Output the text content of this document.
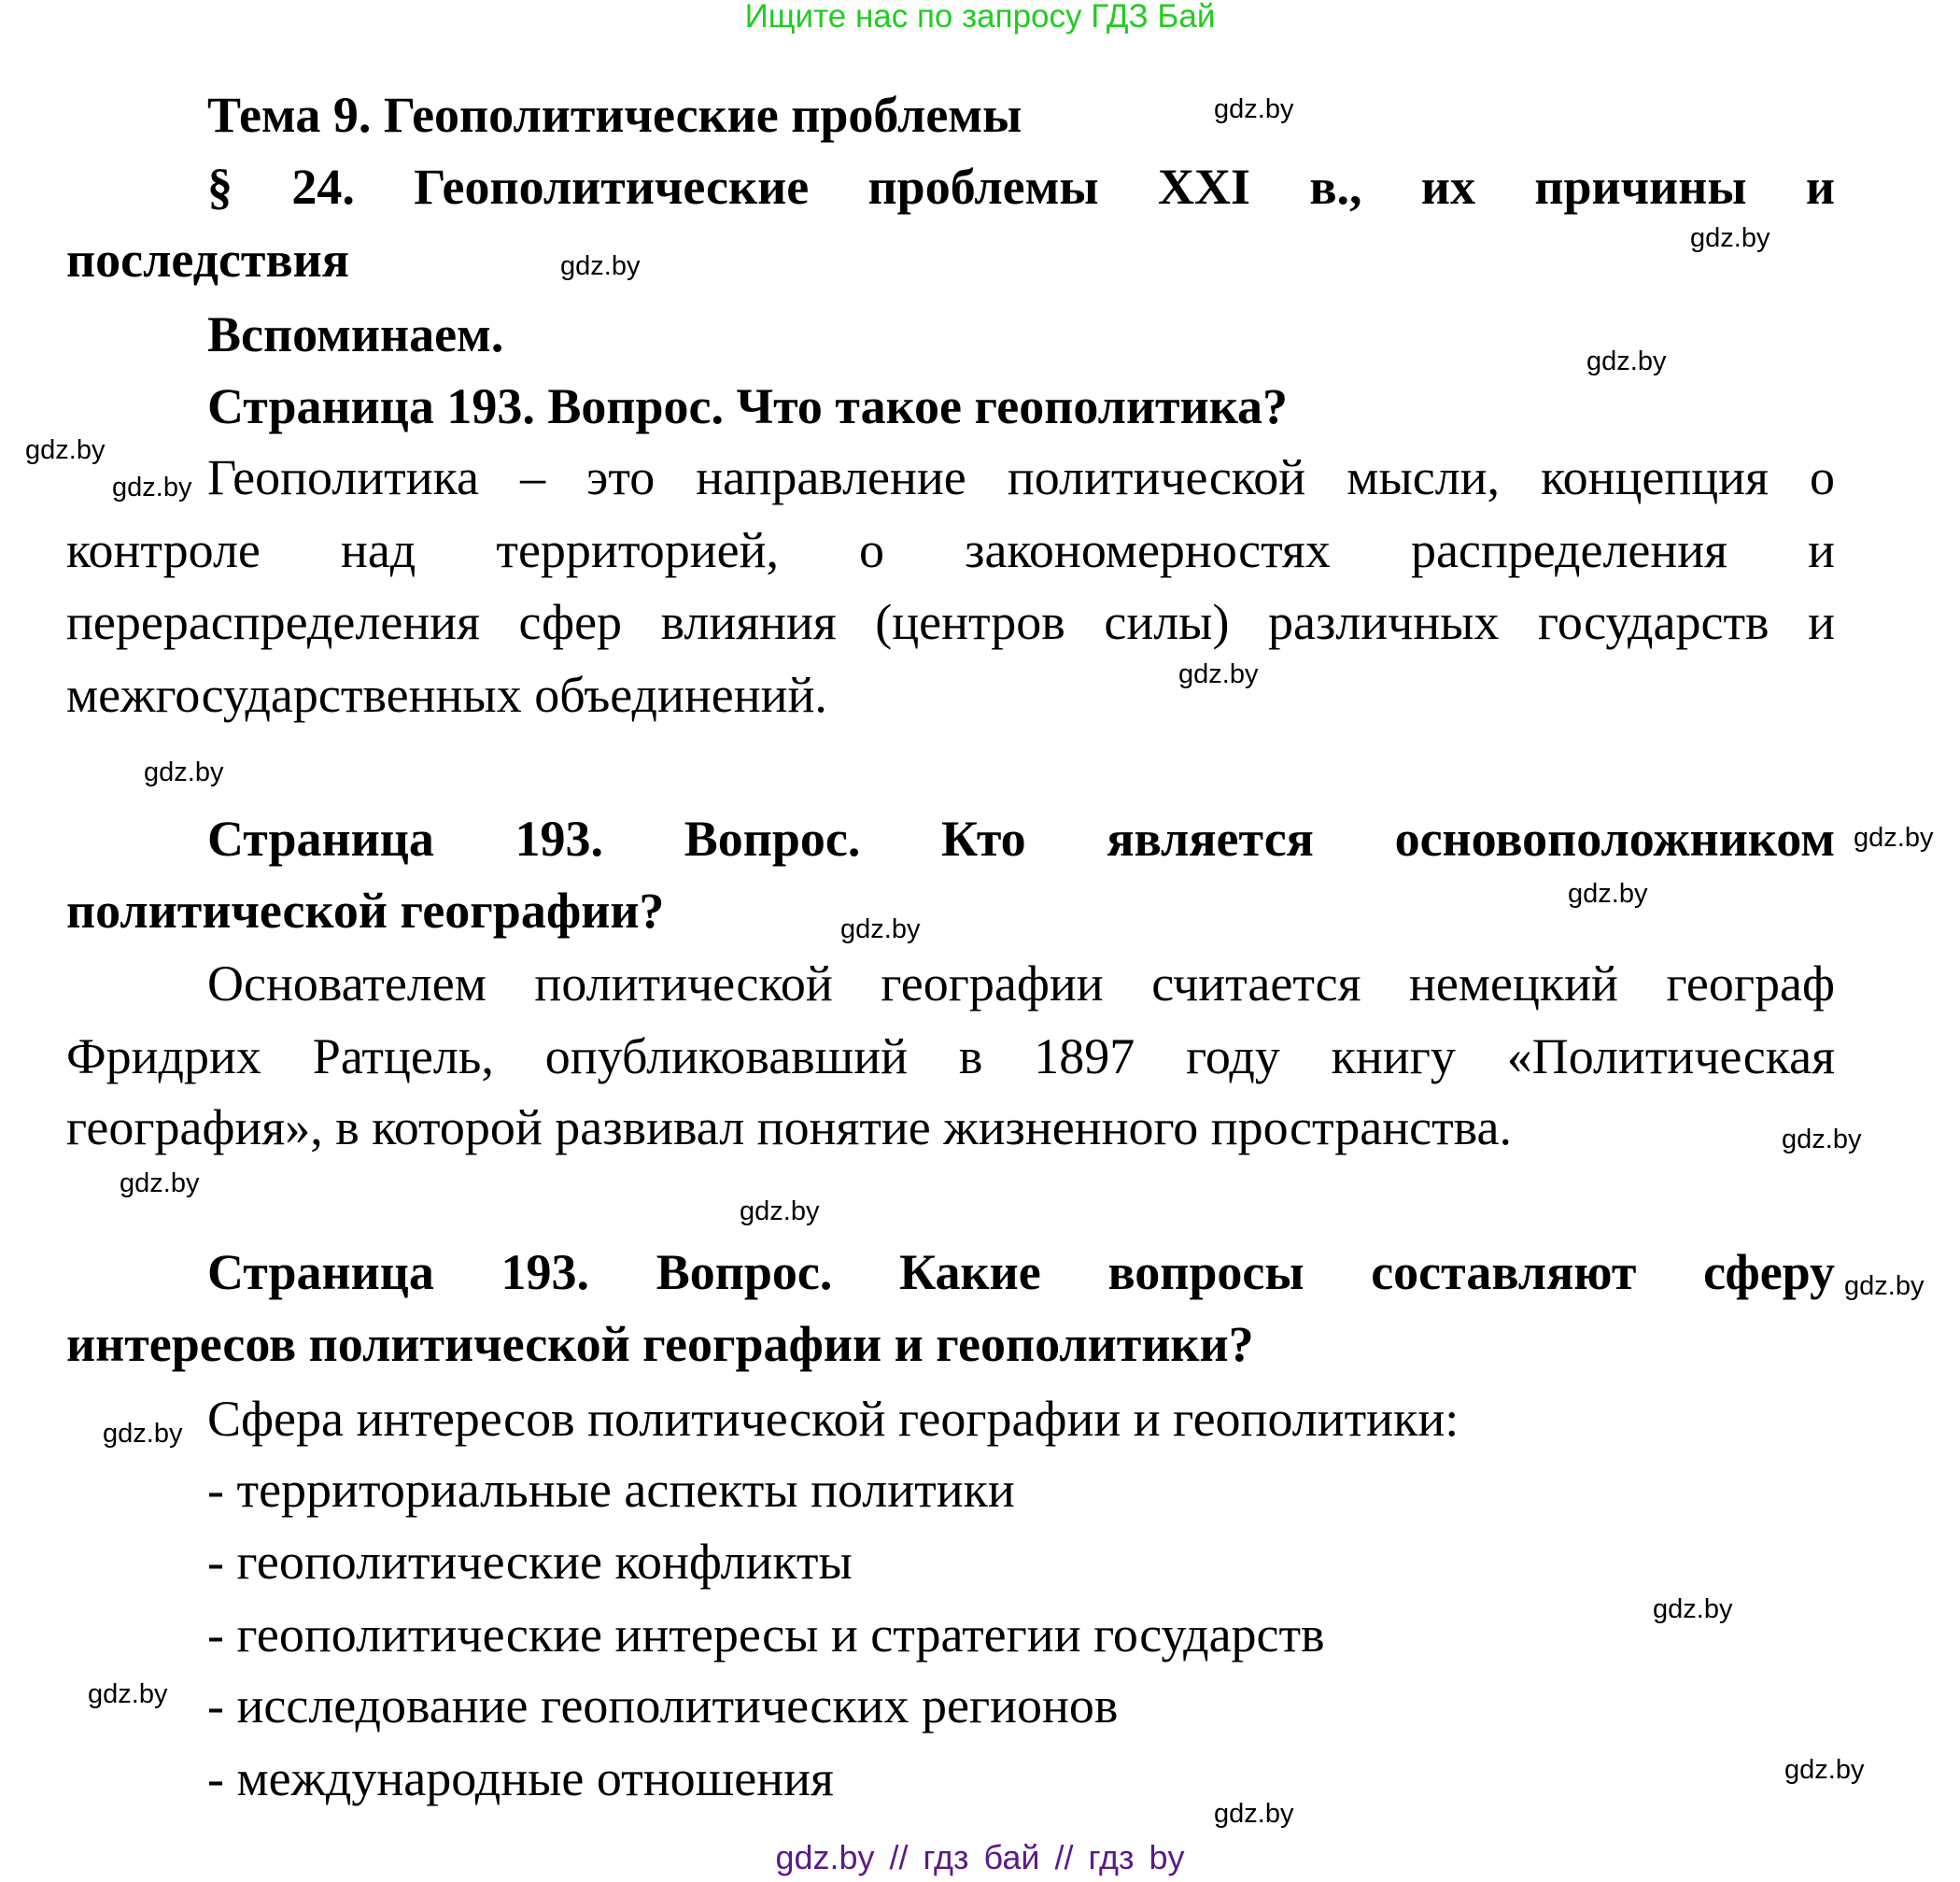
Ищите нас по запросу ГДЗ Бай
Тема 9. Геополитические проблемы
§ 24. Геополитические проблемы XXI в., их причины и
последствия
Вспоминаем.
Страница 193. Вопрос. Что такое геополитика?
Геополитика – это направление политической мысли, концепция о
контроле над территорией, о закономерностях распределения и
перераспределения сфер влияния (центров силы) различных государств и
межгосударственных объединений.
Страница 193. Вопрос. Кто является основоположником
политической географии?
Основателем политической географии считается немецкий географ
Фридрих Ратцель, опубликовавший в 1897 году книгу «Политическая
география», в которой развивал понятие жизненного пространства.
Страница 193. Вопрос. Какие вопросы составляют сферу
интересов политической географии и геополитики?
Сфера интересов политической географии и геополитики:
- территориальные аспекты политики
- геополитические конфликты
- геополитические интересы и стратегии государств
- исследование геополитических регионов
- международные отношения
gdz.by // гдз бай // гдз by
gdz.by
gdz.by
gdz.by
gdz.by
gdz.by
gdz.by
gdz.by
gdz.by
gdz.by
gdz.by
gdz.by
gdz.by
gdz.by
gdz.by
gdz.by
gdz.by
gdz.by
gdz.by
gdz.by
gdz.by
